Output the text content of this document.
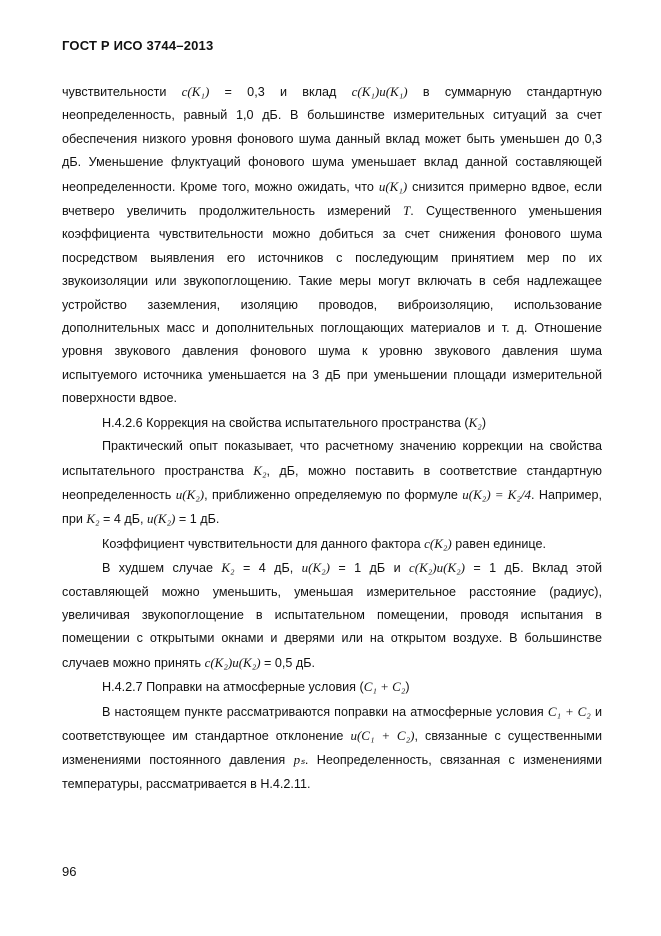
ГОСТ Р ИСО 3744–2013

чувствительности c(K₁) = 0,3 и вклад c(K₁)u(K₁) в суммарную стандартную неопределенность, равный 1,0 дБ. В большинстве измерительных ситуаций за счет обеспечения низкого уровня фонового шума данный вклад может быть уменьшен до 0,3 дБ. Уменьшение флуктуаций фонового шума уменьшает вклад данной составляющей неопределенности. Кроме того, можно ожидать, что u(K₁) снизится примерно вдвое, если вчетверо увеличить продолжительность измерений T. Существенного уменьшения коэффициента чувствительности можно добиться за счет снижения фонового шума посредством выявления его источников с последующим принятием мер по их звукоизоляции или звукопоглощению. Такие меры могут включать в себя надлежащее устройство заземления, изоляцию проводов, виброизоляцию, использование дополнительных масс и дополнительных поглощающих материалов и т. д. Отношение уровня звукового давления фонового шума к уровню звукового давления шума испытуемого источника уменьшается на 3 дБ при уменьшении площади измерительной поверхности вдвое.

Н.4.2.6 Коррекция на свойства испытательного пространства (K₂)

Практический опыт показывает, что расчетному значению коррекции на свойства испытательного пространства K₂, дБ, можно поставить в соответствие стандартную неопределенность u(K₂), приближенно определяемую по формуле u(K₂) = K₂/4. Например, при K₂ = 4 дБ, u(K₂) = 1 дБ.

Коэффициент чувствительности для данного фактора c(K₂) равен единице.

В худшем случае K₂ = 4 дБ, u(K₂) = 1 дБ и c(K₂)u(K₂) = 1 дБ. Вклад этой составляющей можно уменьшить, уменьшая измерительное расстояние (радиус), увеличивая звукопоглощение в испытательном помещении, проводя испытания в помещении с открытыми окнами и дверями или на открытом воздухе. В большинстве случаев можно принять c(K₂)u(K₂) = 0,5 дБ.

Н.4.2.7 Поправки на атмосферные условия (C₁ + C₂)

В настоящем пункте рассматриваются поправки на атмосферные условия C₁ + C₂ и соответствующее им стандартное отклонение u(C₁ + C₂), связанные с существенными изменениями постоянного давления pₛ. Неопределенность, связанная с изменениями температуры, рассматривается в Н.4.2.11.

96
